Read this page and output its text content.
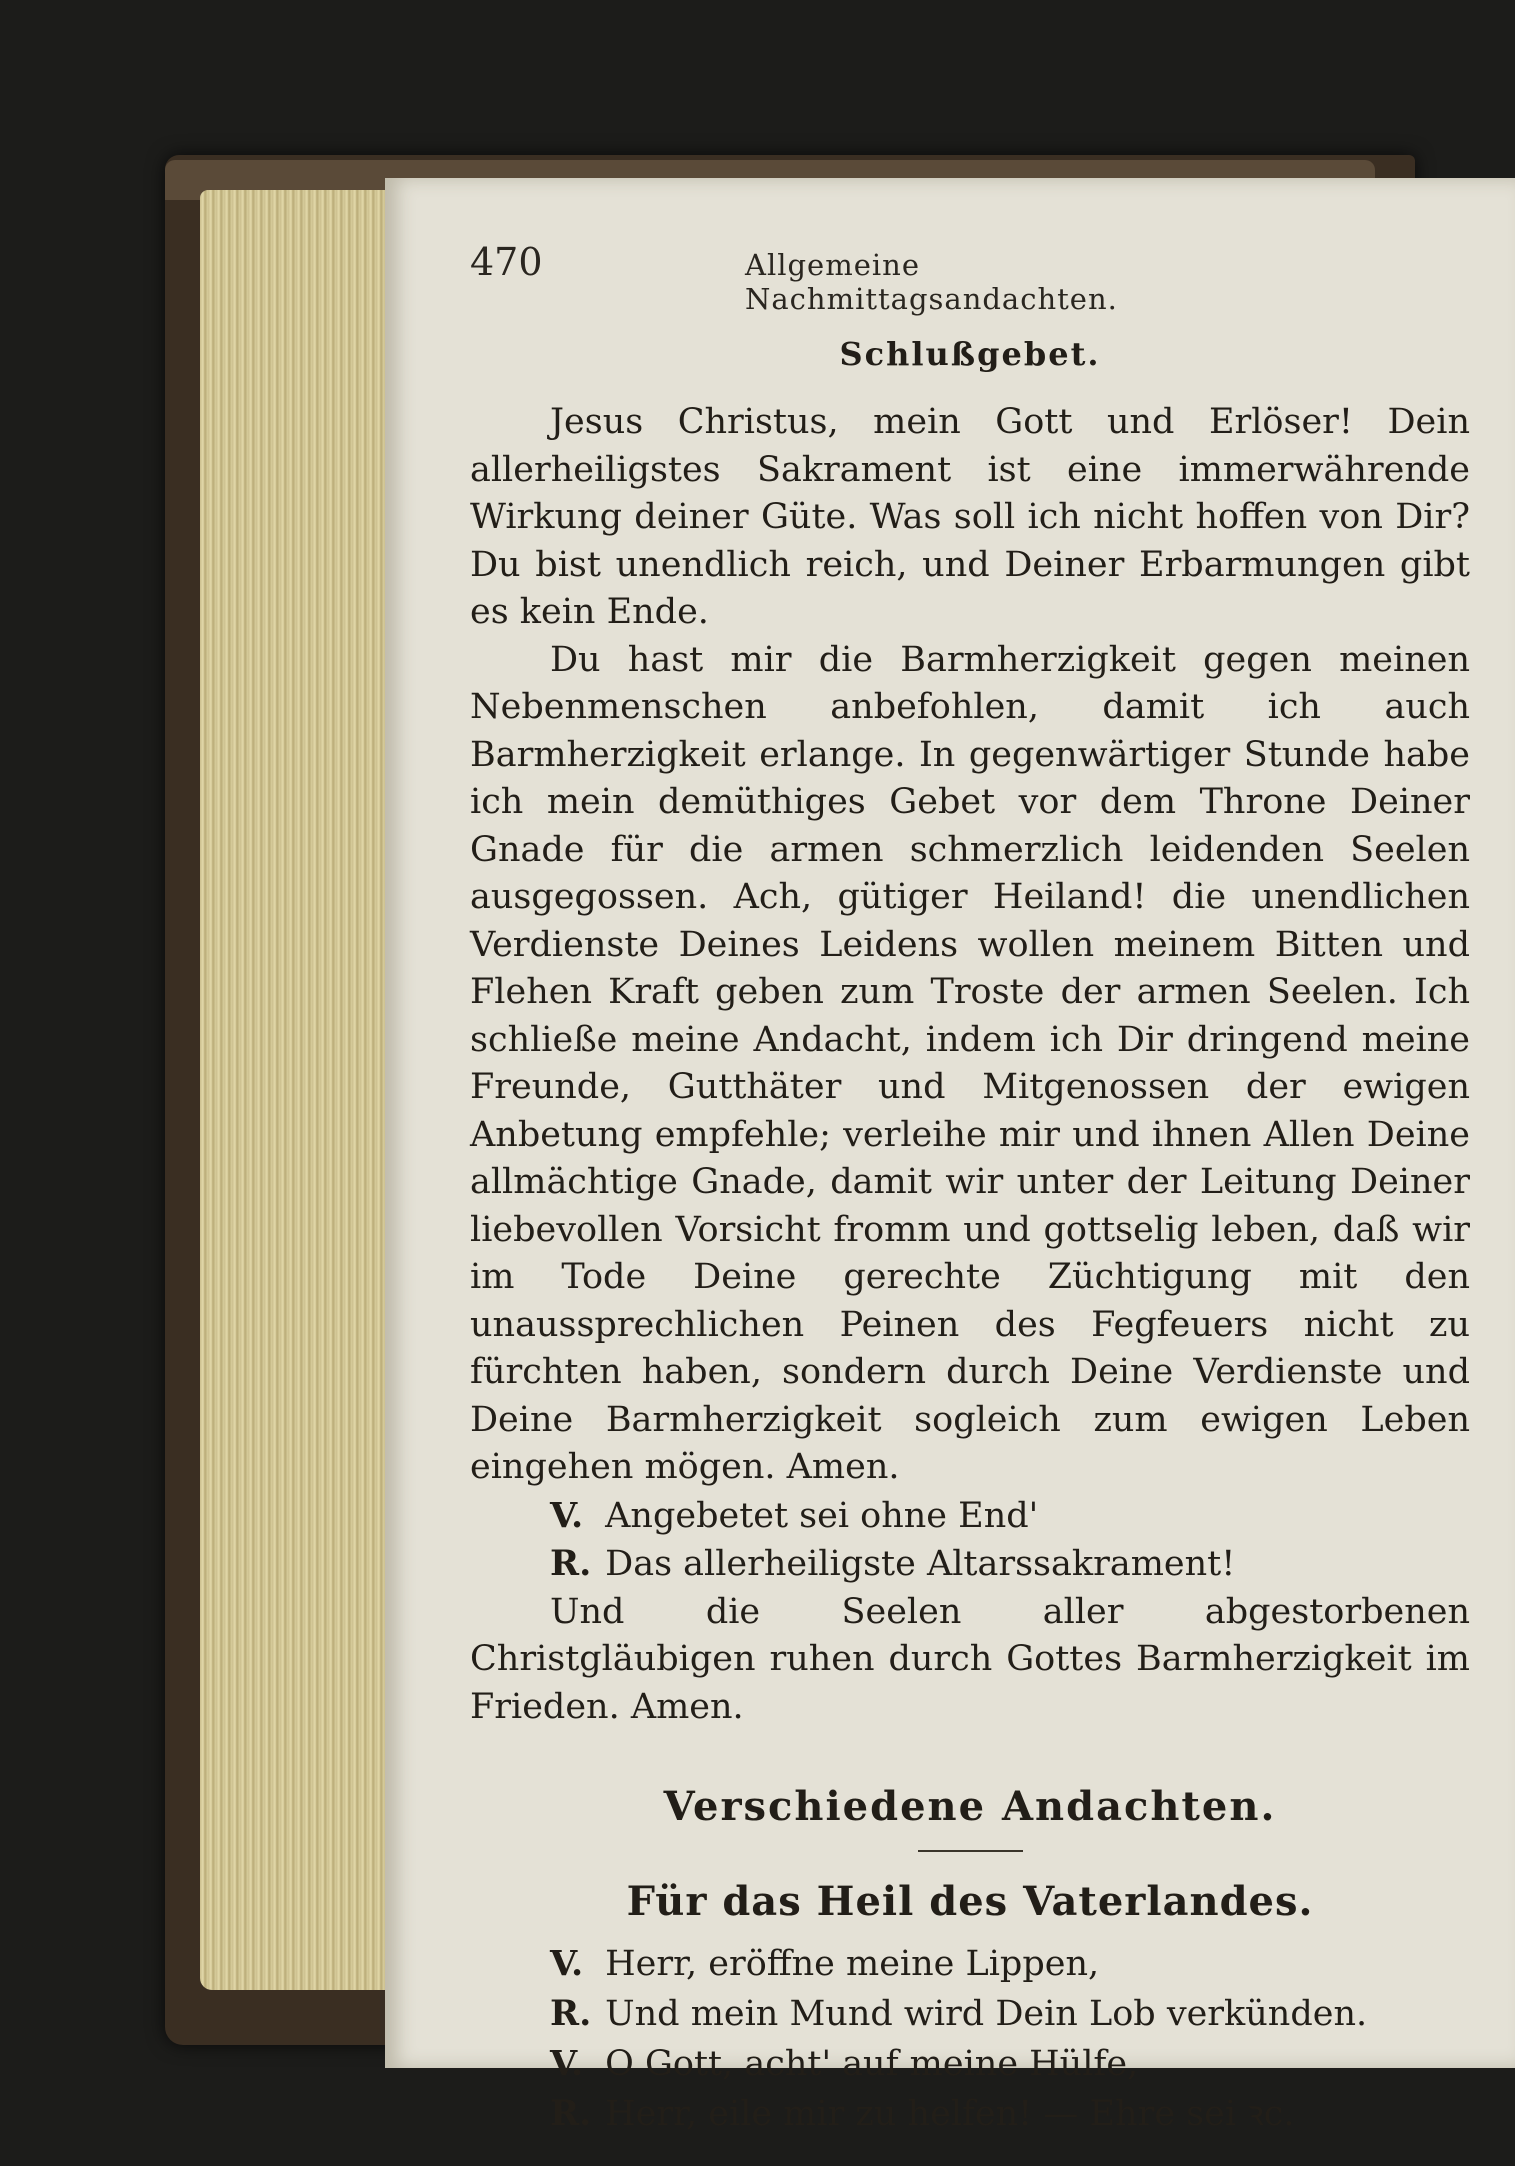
470	Allgemeine Nachmittagsandachten.
Schlußgebet.

Jesus Christus, mein Gott und Erlöser! Dein allerheiligstes Sakrament ist eine immerwährende Wirkung deiner Güte. Was soll ich nicht hoffen von Dir? Du bist unendlich reich, und Deiner Erbarmungen gibt es kein Ende.

Du hast mir die Barmherzigkeit gegen meinen Nebenmenschen anbefohlen, damit ich auch Barmherzigkeit erlange. In gegenwärtiger Stunde habe ich mein demüthiges Gebet vor dem Throne Deiner Gnade für die armen schmerzlich leidenden Seelen ausgegossen. Ach, gütiger Heiland! die unendlichen Verdienste Deines Leidens wollen meinem Bitten und Flehen Kraft geben zum Troste der armen Seelen. Ich schließe meine Andacht, indem ich Dir dringend meine Freunde, Gutthäter und Mitgenossen der ewigen Anbetung empfehle; verleihe mir und ihnen Allen Deine allmächtige Gnade, damit wir unter der Leitung Deiner liebevollen Vorsicht fromm und gottselig leben, daß wir im Tode Deine gerechte Züchtigung mit den unaussprechlichen Peinen des Fegfeuers nicht zu fürchten haben, sondern durch Deine Verdienste und Deine Barmherzigkeit sogleich zum ewigen Leben eingehen mögen. Amen.

V. Angebetet sei ohne End'

R. Das allerheiligste Altarssakrament!

Und die Seelen aller abgestorbenen Christgläubigen ruhen durch Gottes Barmherzigkeit im Frieden. Amen.

Verschiedene Andachten.
Für das Heil des Vaterlandes.

V. Herr, eröffne meine Lippen,

R. Und mein Mund wird Dein Lob verkünden.

V. O Gott, acht' auf meine Hülfe,

R. Herr, eile mir zu helfen! — Ehre sei ꝛc.
